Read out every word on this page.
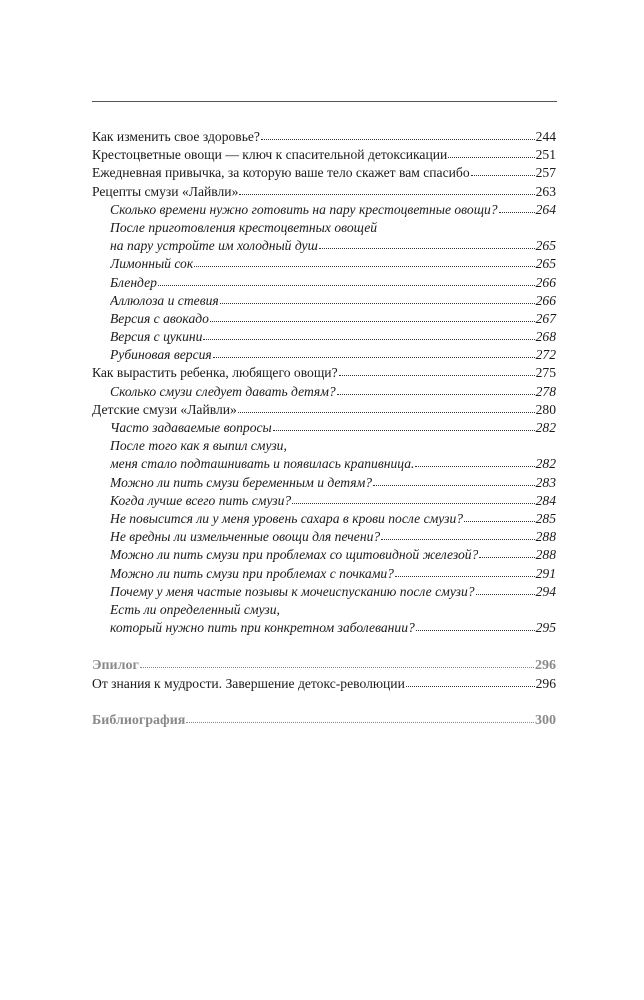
Как изменить свое здоровье?	244
Крестоцветные овощи — ключ к спасительной детоксикации	251
Ежедневная привычка, за которую ваше тело скажет вам спасибо	257
Рецепты смузи «Лайвли»	263
Сколько времени нужно готовить на пару крестоцветные овощи?	264
После приготовления крестоцветных овощей
на пару устройте им холодный душ	265
Лимонный сок	265
Блендер	266
Аллюлоза и стевия	266
Версия с авокадо	267
Версия с цукини	268
Рубиновая версия	272
Как вырастить ребенка, любящего овощи?	275
Сколько смузи следует давать детям?	278
Детские смузи «Лайвли»	280
Часто задаваемые вопросы	282
После того как я выпил смузи,
меня стало подташнивать и появилась крапивница.	282
Можно ли пить смузи беременным и детям?	283
Когда лучше всего пить смузи?	284
Не повысится ли у меня уровень сахара в крови после смузи?	285
Не вредны ли измельченные овощи для печени?	288
Можно ли пить смузи при проблемах со щитовидной железой?	288
Можно ли пить смузи при проблемах с почками?	291
Почему у меня частые позывы к мочеиспусканию после смузи?	294
Есть ли определенный смузи,
который нужно пить при конкретном заболевании?	295
Эпилог	296
От знания к мудрости. Завершение детокс-революции	296
Библиография	300
